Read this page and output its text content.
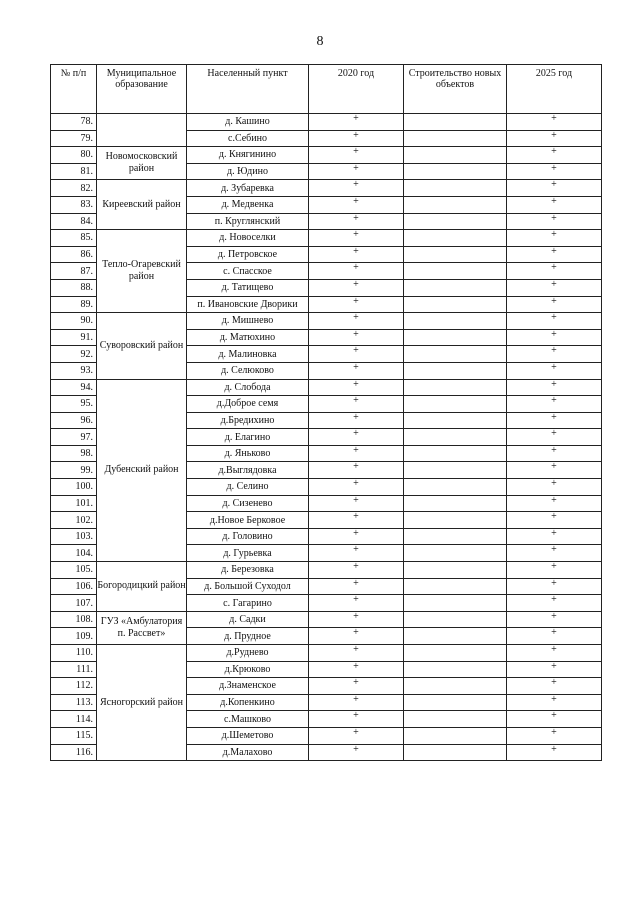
8
№ п/п	Муниципальное образование	Населенный пункт	2020 год	Строительство новых объектов	2025 год
78.		д. Кашино	+		+
79.		с.Себино	+		+
80.	Новомосковский район	д. Княгинино	+		+
81.		д. Юдино	+		+
82.	Киреевский район	д. Зубаревка	+		+
83.		д. Медвенка	+		+
84.		п. Круглянский	+		+
85.	Тепло-Огаревский район	д. Новоселки	+		+
86.		д. Петровское	+		+
87.		с. Спасское	+		+
88.		д. Татищево	+		+
89.		п. Ивановские Дворики	+		+
90.	Суворовский район	д. Мишнево	+		+
91.		д. Матюхино	+		+
92.		д. Малиновка	+		+
93.		д. Селюково	+		+
94.	Дубенский район	д. Слобода	+		+
95.		д.Доброе семя	+		+
96.		д.Бредихино	+		+
97.		д. Елагино	+		+
98.		д. Яньково	+		+
99.		д.Выглядовка	+		+
100.		д. Селино	+		+
101.		д. Сизенево	+		+
102.		д.Новое Берковое	+		+
103.		д. Головино	+		+
104.		д. Гурьевка	+		+
105.	Богородицкий район	д. Березовка	+		+
106.		д. Большой Суходол	+		+
107.		с. Гагарино	+		+
108.	ГУЗ «Амбулатория п. Рассвет»	д. Садки	+		+
109.		д. Прудное	+		+
110.	Ясногорский район	д.Руднево	+		+
111.		д.Крюково	+		+
112.		д.Знаменское	+		+
113.		д.Копенкино	+		+
114.		с.Машково	+		+
115.		д.Шеметово	+		+
116.		д.Малахово	+		+
